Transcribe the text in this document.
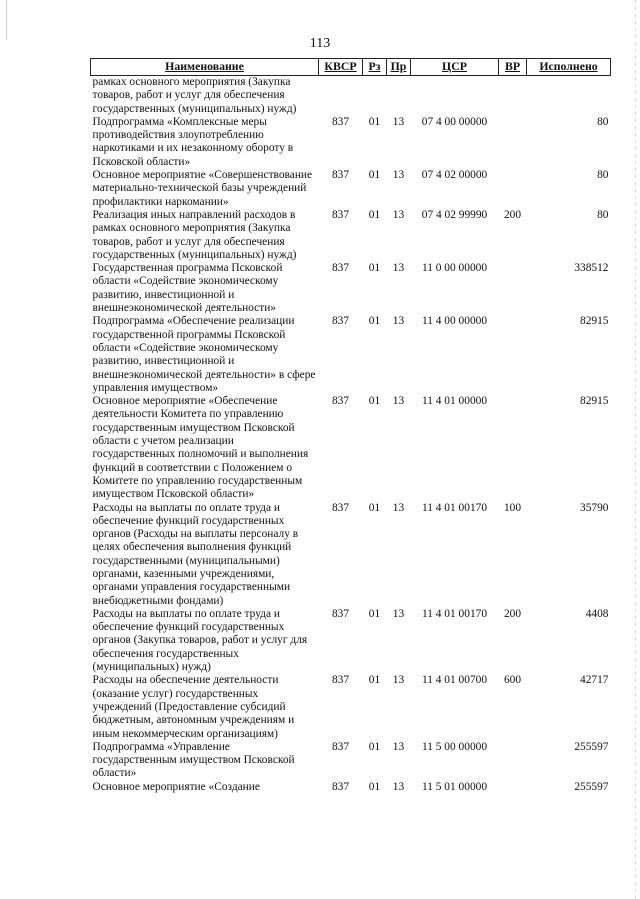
113
Наименование	КВСР	Рз	Пр	ЦСР	ВР	Исполнено
рамках основного мероприятия (Закупка товаров, работ и услуг для обеспечения государственных (муниципальных) нужд)						
Подпрограмма «Комплексные меры противодействия злоупотреблению наркотиками и их незаконному обороту в Псковской области»	837	01	13	07 4 00 00000		80
Основное мероприятие «Совершенствование материально-технической базы учреждений профилактики наркомании»	837	01	13	07 4 02 00000		80
Реализация иных направлений расходов в рамках основного мероприятия (Закупка товаров, работ и услуг для обеспечения государственных (муниципальных) нужд)	837	01	13	07 4 02 99990	200	80
Государственная программа Псковской области «Содействие экономическому развитию, инвестиционной и внешнеэкономической деятельности»	837	01	13	11 0 00 00000		338512
Подпрограмма «Обеспечение реализации государственной программы Псковской области «Содействие экономическому развитию, инвестиционной и внешнеэкономической деятельности» в сфере управления имуществом»	837	01	13	11 4 00 00000		82915
Основное мероприятие «Обеспечение деятельности Комитета по управлению государственным имуществом Псковской области с учетом реализации государственных полномочий и выполнения функций в соответствии с Положением о Комитете по управлению государственным имуществом Псковской области»	837	01	13	11 4 01 00000		82915
Расходы на выплаты по оплате труда и обеспечение функций государственных органов (Расходы на выплаты персоналу в целях обеспечения выполнения функций государственными (муниципальными) органами, казенными учреждениями, органами управления государственными внебюджетными фондами)	837	01	13	11 4 01 00170	100	35790
Расходы на выплаты по оплате труда и обеспечение функций государственных органов (Закупка товаров, работ и услуг для обеспечения государственных (муниципальных) нужд)	837	01	13	11 4 01 00170	200	4408
Расходы на обеспечение деятельности (оказание услуг) государственных учреждений (Предоставление субсидий бюджетным, автономным учреждениям и иным некоммерческим организациям)	837	01	13	11 4 01 00700	600	42717
Подпрограмма «Управление государственным имуществом Псковской области»	837	01	13	11 5 00 00000		255597
Основное мероприятие «Создание	837	01	13	11 5 01 00000		255597
